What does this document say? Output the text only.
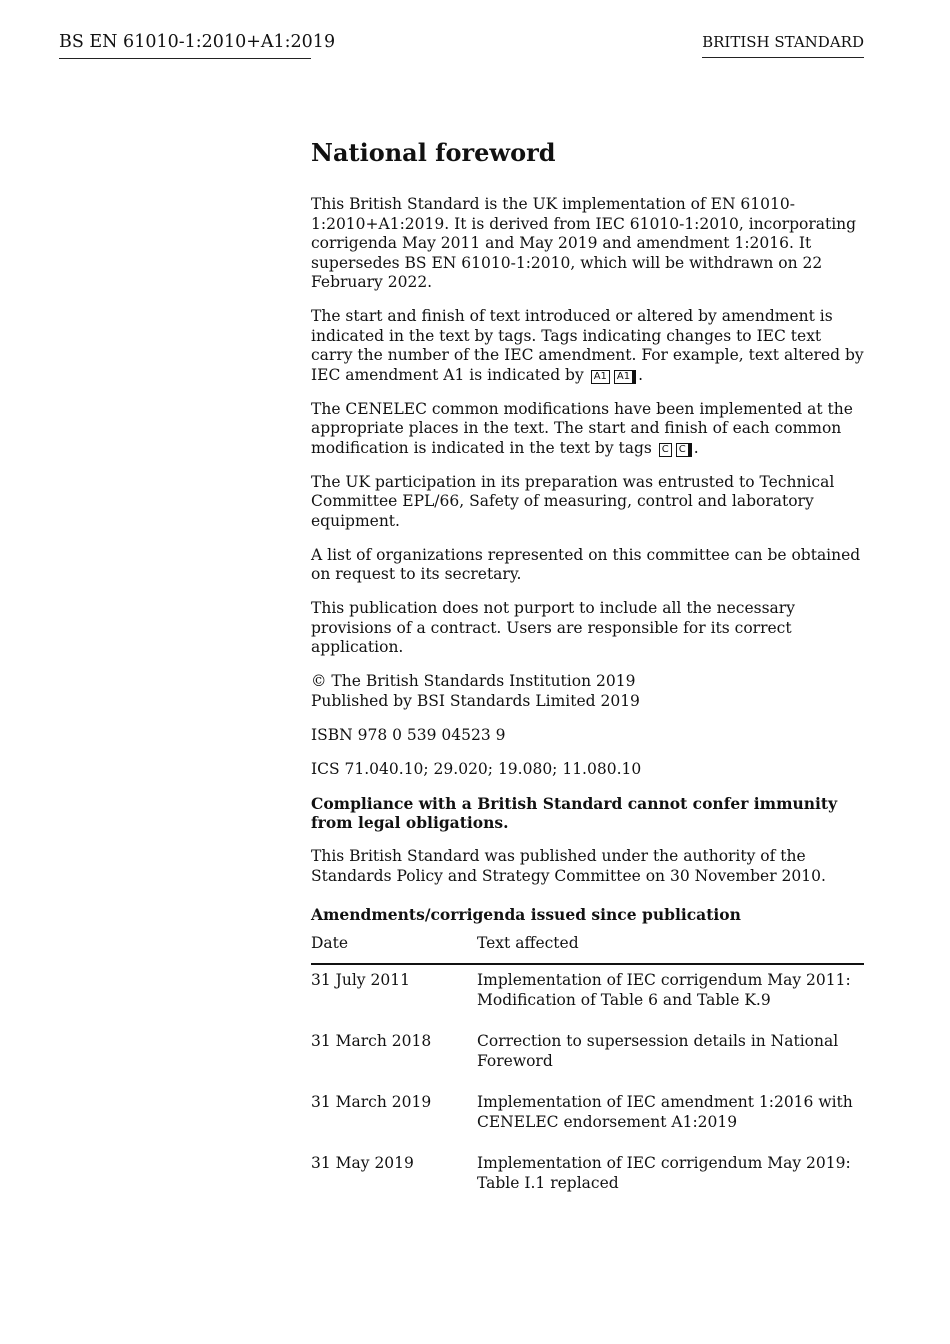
BS EN 61010-1:2010+A1:2019	BRITISH STANDARD
National foreword

This British Standard is the UK implementation of EN 61010-1:2010+A1:2019. It is derived from IEC 61010-1:2010, incorporating corrigenda May 2011 and May 2019 and amendment 1:2016. It supersedes BS EN 61010-1:2010, which will be withdrawn on 22 February 2022.

The start and finish of text introduced or altered by amendment is indicated in the text by tags. Tags indicating changes to IEC text carry the number of the IEC amendment. For example, text altered by IEC amendment A1 is indicated by A1 A1 .

The CENELEC common modifications have been implemented at the appropriate places in the text. The start and finish of each common modification is indicated in the text by tags C C .

The UK participation in its preparation was entrusted to Technical Committee EPL/66, Safety of measuring, control and laboratory equipment.

A list of organizations represented on this committee can be obtained on request to its secretary.

This publication does not purport to include all the necessary provisions of a contract. Users are responsible for its correct application.

© The British Standards Institution 2019
Published by BSI Standards Limited 2019

ISBN 978 0 539 04523 9

ICS 71.040.10; 29.020; 19.080; 11.080.10

Compliance with a British Standard cannot confer immunity from legal obligations.

This British Standard was published under the authority of the Standards Policy and Strategy Committee on 30 November 2010.

Amendments/corrigenda issued since publication
Date	Text affected
31 July 2011	Implementation of IEC corrigendum May 2011: Modification of Table 6 and Table K.9
31 March 2018	Correction to supersession details in National Foreword
31 March 2019	Implementation of IEC amendment 1:2016 with CENELEC endorsement A1:2019
31 May 2019	Implementation of IEC corrigendum May 2019: Table I.1 replaced
